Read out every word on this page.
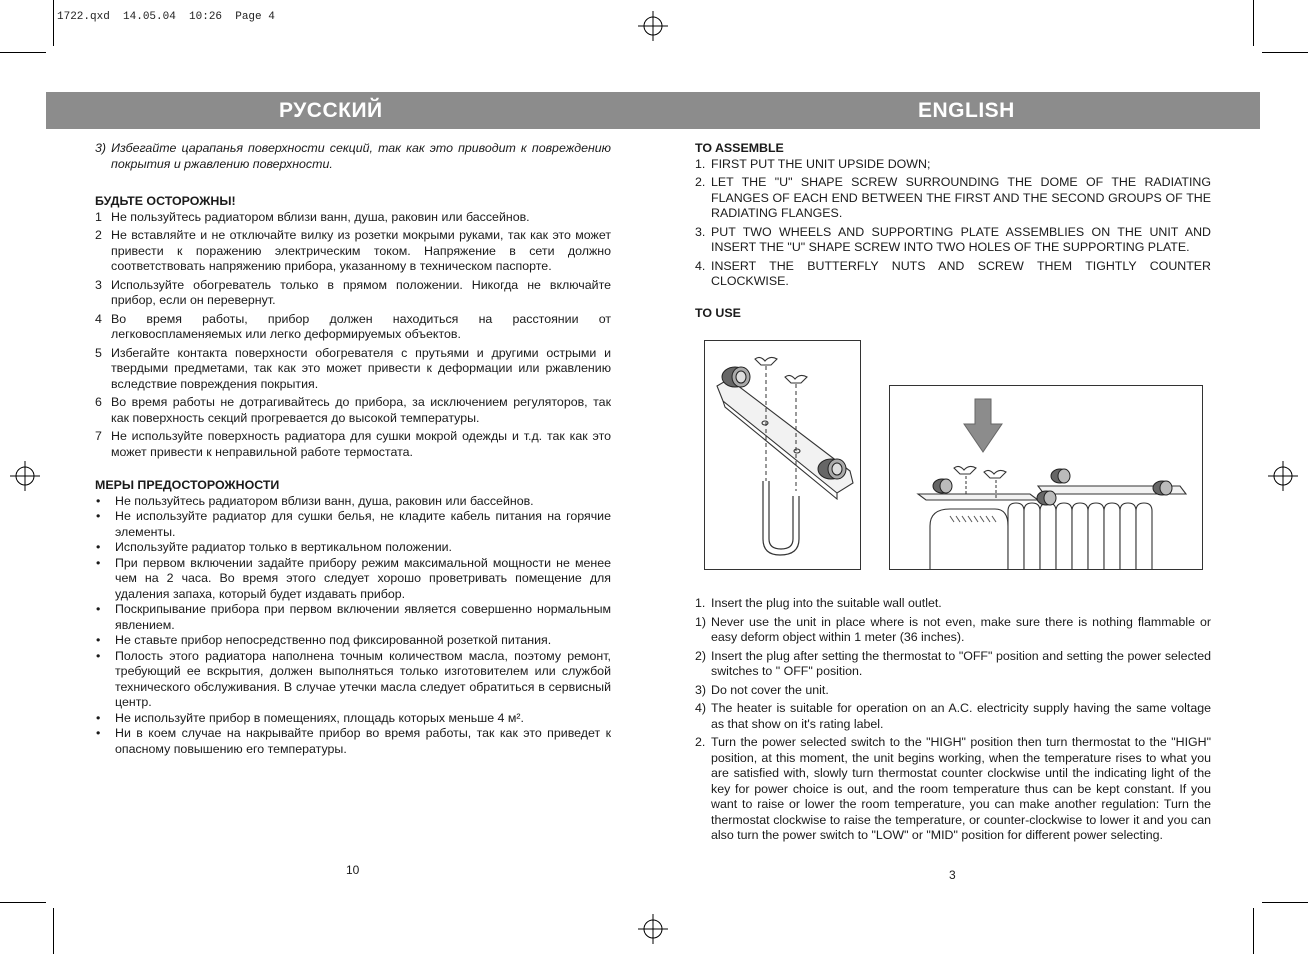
1722.qxd  14.05.04  10:26  Page 4
РУССКИЙ	ENGLISH

3) Избегайте царапанья поверхности секций, так как это приводит к повреждению покрытия и ржавлению поверхности.

БУДЬТЕ ОСТОРОЖНЫ!

1 Не пользуйтесь радиатором вблизи ванн, душа, раковин или бассейнов.
2 Не вставляйте и не отключайте вилку из розетки мокрыми руками, так как это может привести к поражению электрическим током. Напряжение в сети должно соответствовать напряжению прибора, указанному в техническом паспорте.
3 Используйте обогреватель только в прямом положении. Никогда не включайте прибор, если он перевернут.
4 Во время работы, прибор должен находиться на расстоянии от легковоспламеняемых или легко деформируемых объектов.
5 Избегайте контакта поверхности обогревателя с прутьями и другими острыми и твердыми предметами, так как это может привести к деформации или ржавлению вследствие повреждения покрытия.
6 Во время работы не дотрагивайтесь до прибора, за исключением регуляторов, так как поверхность секций прогревается до высокой температуры.
7 Не используйте поверхность радиатора для сушки мокрой одежды и т.д. так как это может привести к неправильной работе термостата.

МЕРЫ ПРЕДОСТОРОЖНОСТИ

• Не пользуйтесь радиатором вблизи ванн, душа, раковин или бассейнов.
• Не используйте радиатор для сушки белья, не кладите кабель питания на горячие элементы.
• Используйте радиатор только в вертикальном положении.
• При первом включении задайте прибору режим максимальной мощности не менее чем на 2 часа. Во время этого следует хорошо проветривать помещение для удаления запаха, который будет издавать прибор.
• Поскрипывание прибора при первом включении является совершенно нормальным явлением.
• Не ставьте прибор непосредственно под фиксированной розеткой питания.
• Полость этого радиатора наполнена точным количеством масла, поэтому ремонт, требующий ее вскрытия, должен выполняться только изготовителем или службой технического обслуживания. В случае утечки масла следует обратиться в сервисный центр.
• Не используйте прибор в помещениях, площадь которых меньше 4 м².
• Ни в коем случае на накрывайте прибор во время работы, так как это приведет к опасному повышению его температуры.
10

TO ASSEMBLE

1. FIRST PUT THE UNIT UPSIDE DOWN;
2. LET THE "U" SHAPE SCREW SURROUNDING THE DOME OF THE RADIATING FLANGES OF EACH END BETWEEN THE FIRST AND THE SECOND GROUPS OF THE RADIATING FLANGES.
3. PUT TWO WHEELS AND SUPPORTING PLATE ASSEMBLIES ON THE UNIT AND INSERT THE "U" SHAPE SCREW INTO TWO HOLES OF THE SUPPORTING PLATE.
4. INSERT THE BUTTERFLY NUTS AND SCREW THEM TIGHTLY COUNTER CLOCKWISE.

TO USE

1. Insert the plug into the suitable wall outlet.
1) Never use the unit in place where is not even, make sure there is nothing flammable or easy deform object within 1 meter (36 inches).
2) Insert the plug after setting the thermostat to "OFF" position and setting the power selected switches to " OFF" position.
3) Do not cover the unit.
4) The heater is suitable for operation on an A.C. electricity supply having the same voltage as that show on it's rating label.
2. Turn the power selected switch to the "HIGH" position then turn thermostat to the "HIGH" position, at this moment, the unit begins working, when the temperature rises to what you are satisfied with, slowly turn thermostat counter clockwise until the indicating light of the key for power choice is out, and the room temperature thus can be kept constant. If you want to raise or lower the room temperature, you can make another regulation: Turn the thermostat clockwise to raise the temperature, or counter-clockwise to lower it and you can also turn the power switch to "LOW" or "MID" position for different power selecting.
3
